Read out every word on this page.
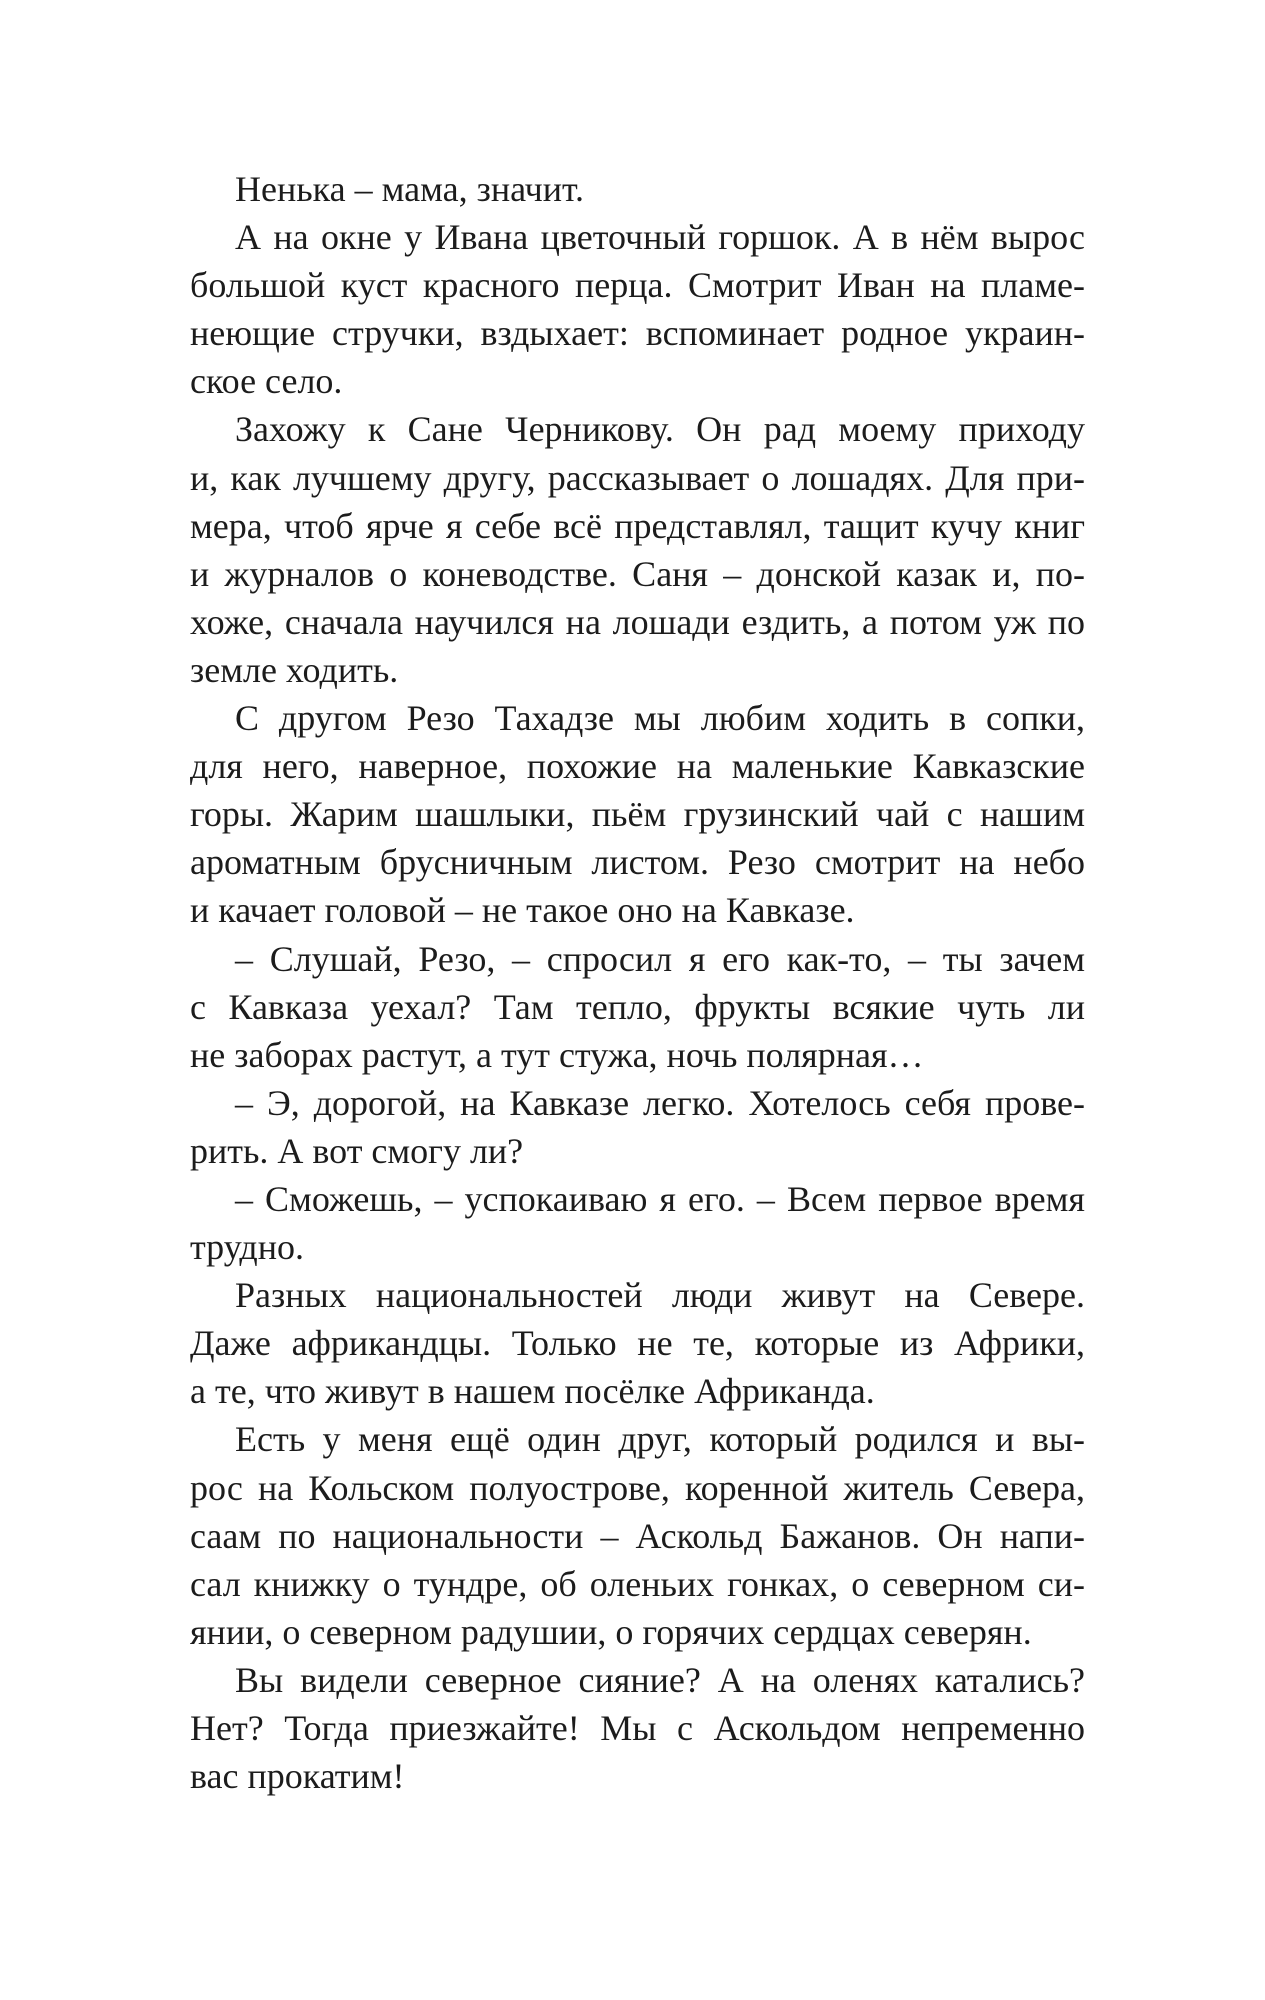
Ненька – мама, значит.

А на окне у Ивана цветочный горшок. А в нём вырос
большой куст красного перца. Смотрит Иван на пламе-
неющие стручки, вздыхает: вспоминает родное украин-
ское село.

Захожу к Сане Черникову. Он рад моему приходу
и, как лучшему другу, рассказывает о лошадях. Для при-
мера, чтоб ярче я себе всё представлял, тащит кучу книг
и журналов о коневодстве. Саня – донской казак и, по-
хоже, сначала научился на лошади ездить, а потом уж по
земле ходить.

С другом Резо Тахадзе мы любим ходить в сопки,
для него, наверное, похожие на маленькие Кавказские
горы. Жарим шашлыки, пьём грузинский чай с нашим
ароматным брусничным листом. Резо смотрит на небо
и качает головой – не такое оно на Кавказе.

– Слушай, Резо, – спросил я его как-то, – ты зачем
с Кавказа уехал? Там тепло, фрукты всякие чуть ли
не заборах растут, а тут стужа, ночь полярная…

– Э, дорогой, на Кавказе легко. Хотелось себя прове-
рить. А вот смогу ли?

– Сможешь, – успокаиваю я его. – Всем первое время
трудно.

Разных национальностей люди живут на Севере.
Даже африкандцы. Только не те, которые из Африки,
а те, что живут в нашем посёлке Африканда.

Есть у меня ещё один друг, который родился и вы-
рос на Кольском полуострове, коренной житель Севера,
саам по национальности – Аскольд Бажанов. Он напи-
сал книжку о тундре, об оленьих гонках, о северном си-
янии, о северном радушии, о горячих сердцах северян.

Вы видели северное сияние? А на оленях катались?
Нет? Тогда приезжайте! Мы с Аскольдом непременно
вас прокатим!
